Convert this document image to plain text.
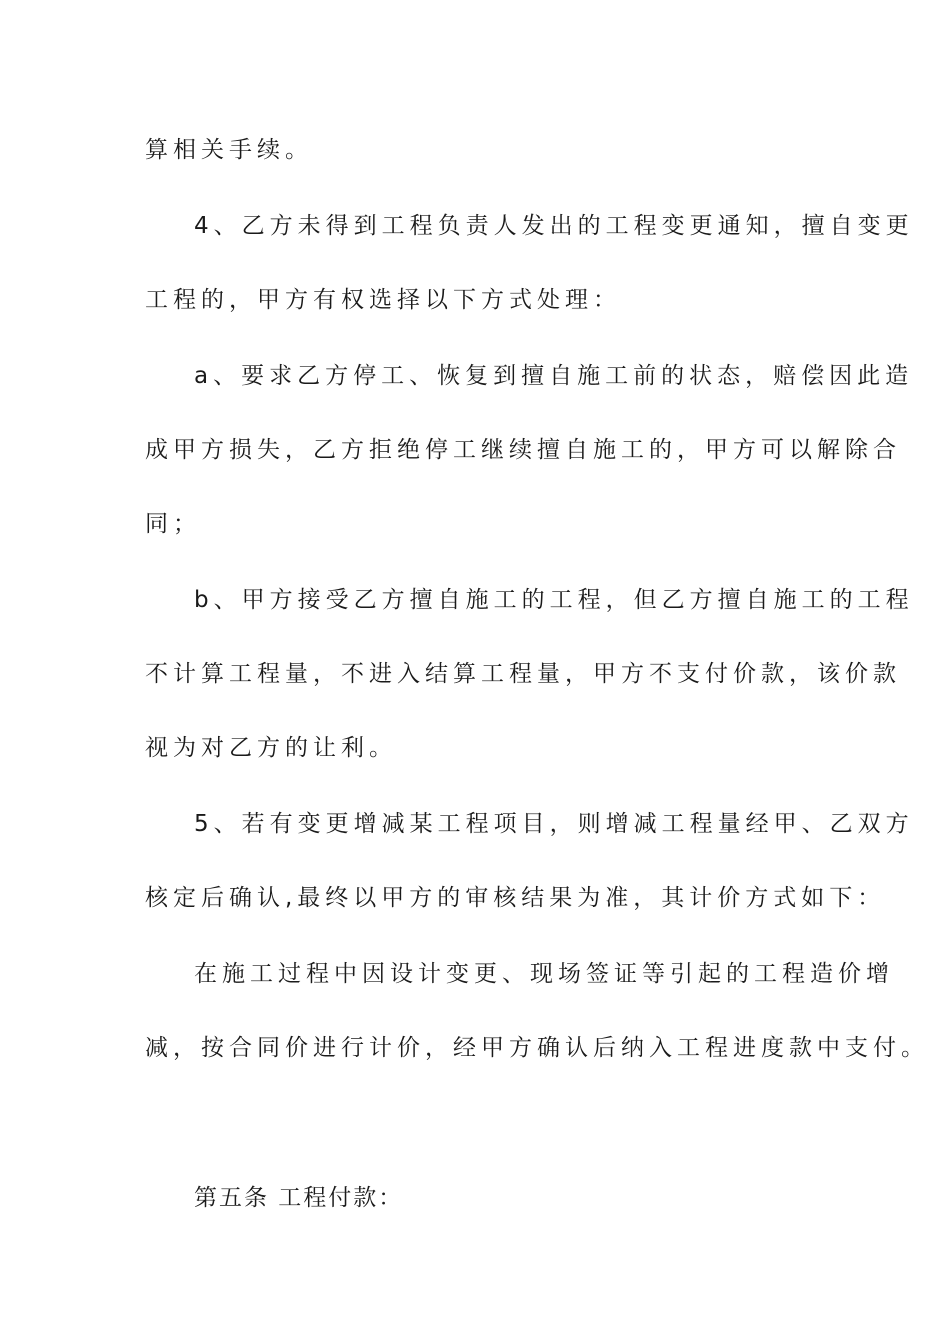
算相关手续。

4、乙方未得到工程负责人发出的工程变更通知，擅自变更

工程的，甲方有权选择以下方式处理：

a、要求乙方停工、恢复到擅自施工前的状态，赔偿因此造

成甲方损失，乙方拒绝停工继续擅自施工的，甲方可以解除合

同；

b、甲方接受乙方擅自施工的工程，但乙方擅自施工的工程

不计算工程量，不进入结算工程量，甲方不支付价款，该价款

视为对乙方的让利。

5、若有变更增减某工程项目，则增减工程量经甲、乙双方

核定后确认,最终以甲方的审核结果为准，其计价方式如下：

在施工过程中因设计变更、现场签证等引起的工程造价增

减，按合同价进行计价，经甲方确认后纳入工程进度款中支付。

第五条 工程付款：
